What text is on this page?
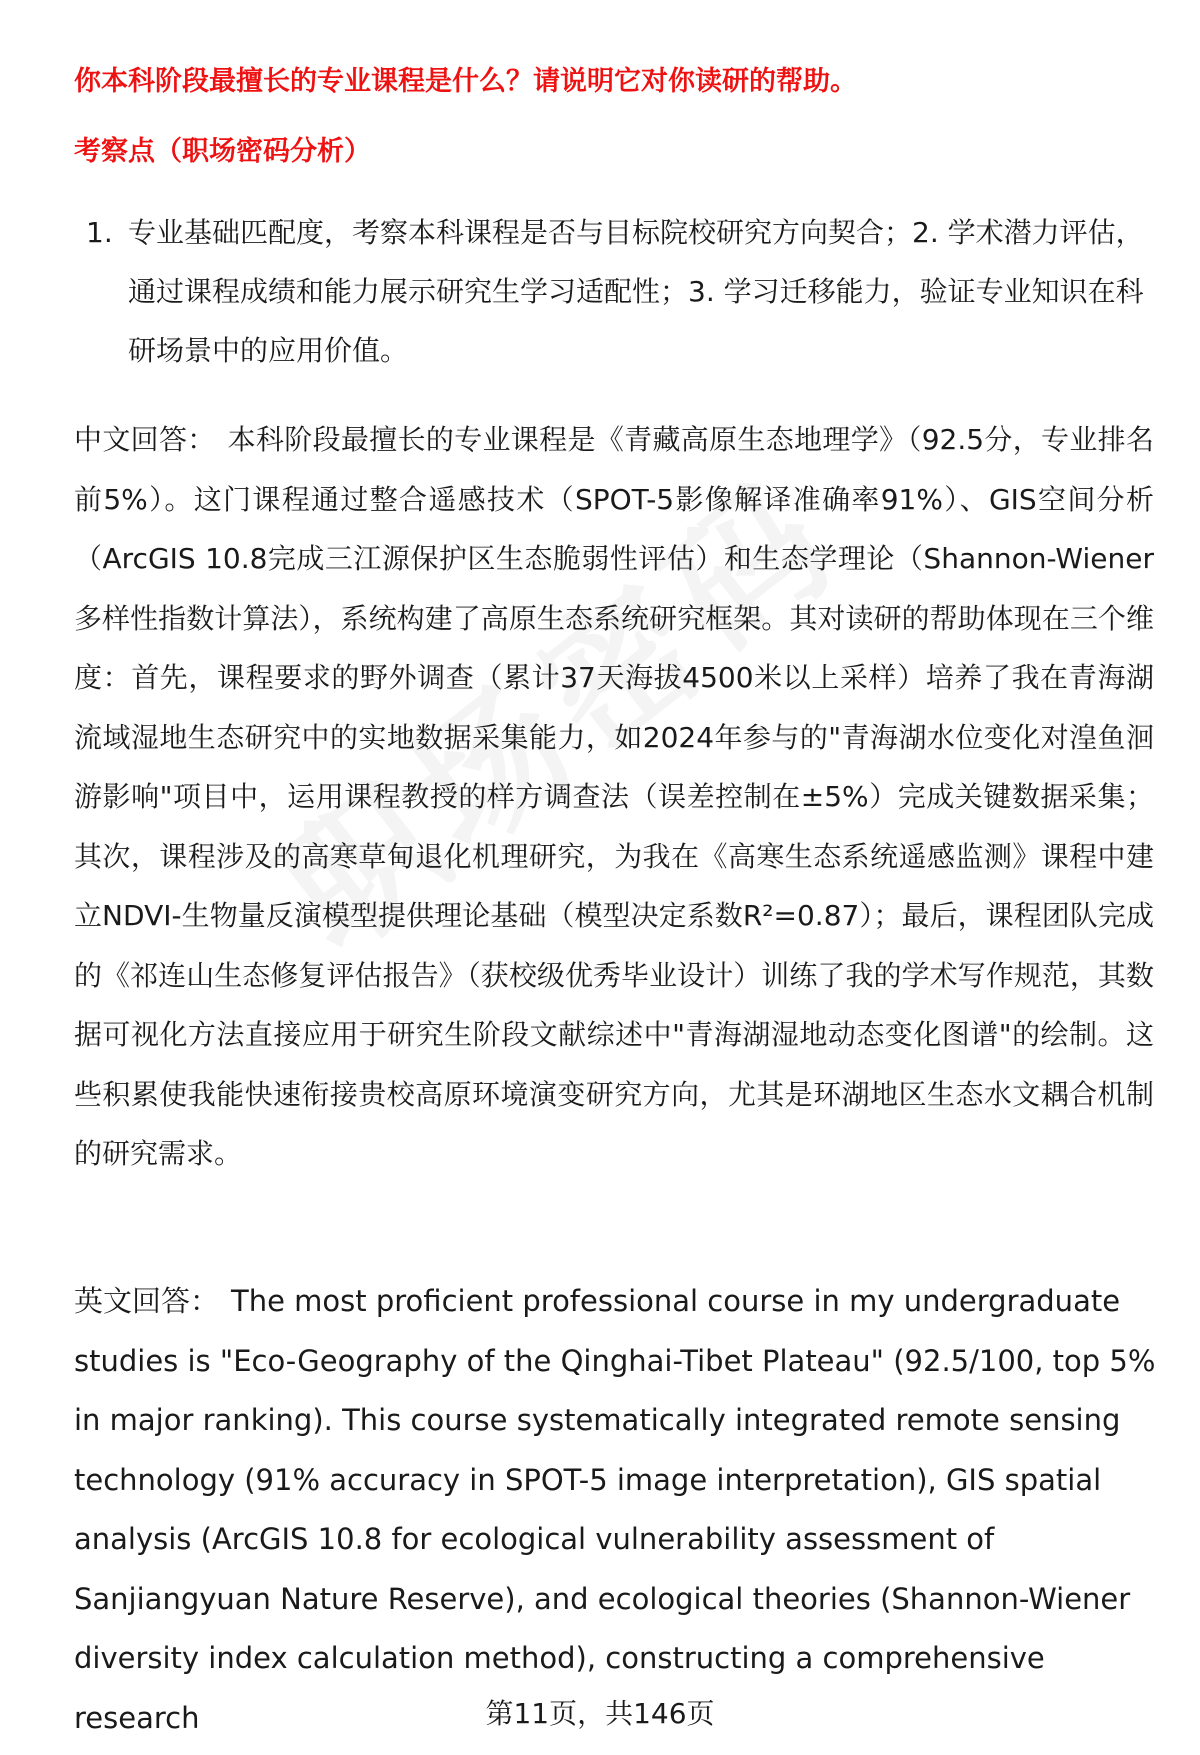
你本科阶段最擅长的专业课程是什么？请说明它对你读研的帮助。

考察点（职场密码分析）

1. 专业基础匹配度，考察本科课程是否与目标院校研究方向契合；2. 学术潜力评估，通过课程成绩和能力展示研究生学习适配性；3. 学习迁移能力，验证专业知识在科研场景中的应用价值。

中文回答： 本科阶段最擅长的专业课程是《青藏高原生态地理学》（92.5分，专业排名前5%）。这门课程通过整合遥感技术（SPOT-5影像解译准确率91%）、GIS空间分析（ArcGIS 10.8完成三江源保护区生态脆弱性评估）和生态学理论（Shannon-Wiener多样性指数计算法），系统构建了高原生态系统研究框架。其对读研的帮助体现在三个维度：首先，课程要求的野外调查（累计37天海拔4500米以上采样）培养了我在青海湖流域湿地生态研究中的实地数据采集能力，如2024年参与的"青海湖水位变化对湟鱼洄游影响"项目中，运用课程教授的样方调查法（误差控制在±5%）完成关键数据采集；其次，课程涉及的高寒草甸退化机理研究，为我在《高寒生态系统遥感监测》课程中建立NDVI-生物量反演模型提供理论基础（模型决定系数R²=0.87）；最后，课程团队完成的《祁连山生态修复评估报告》（获校级优秀毕业设计）训练了我的学术写作规范，其数据可视化方法直接应用于研究生阶段文献综述中"青海湖湿地动态变化图谱"的绘制。这些积累使我能快速衔接贵校高原环境演变研究方向，尤其是环湖地区生态水文耦合机制的研究需求。

英文回答： The most proficient professional course in my undergraduate studies is "Eco-Geography of the Qinghai-Tibet Plateau" (92.5/100, top 5% in major ranking). This course systematically integrated remote sensing technology (91% accuracy in SPOT-5 image interpretation), GIS spatial analysis (ArcGIS 10.8 for ecological vulnerability assessment of Sanjiangyuan Nature Reserve), and ecological theories (Shannon-Wiener diversity index calculation method), constructing a comprehensive research	第11页，共146页
